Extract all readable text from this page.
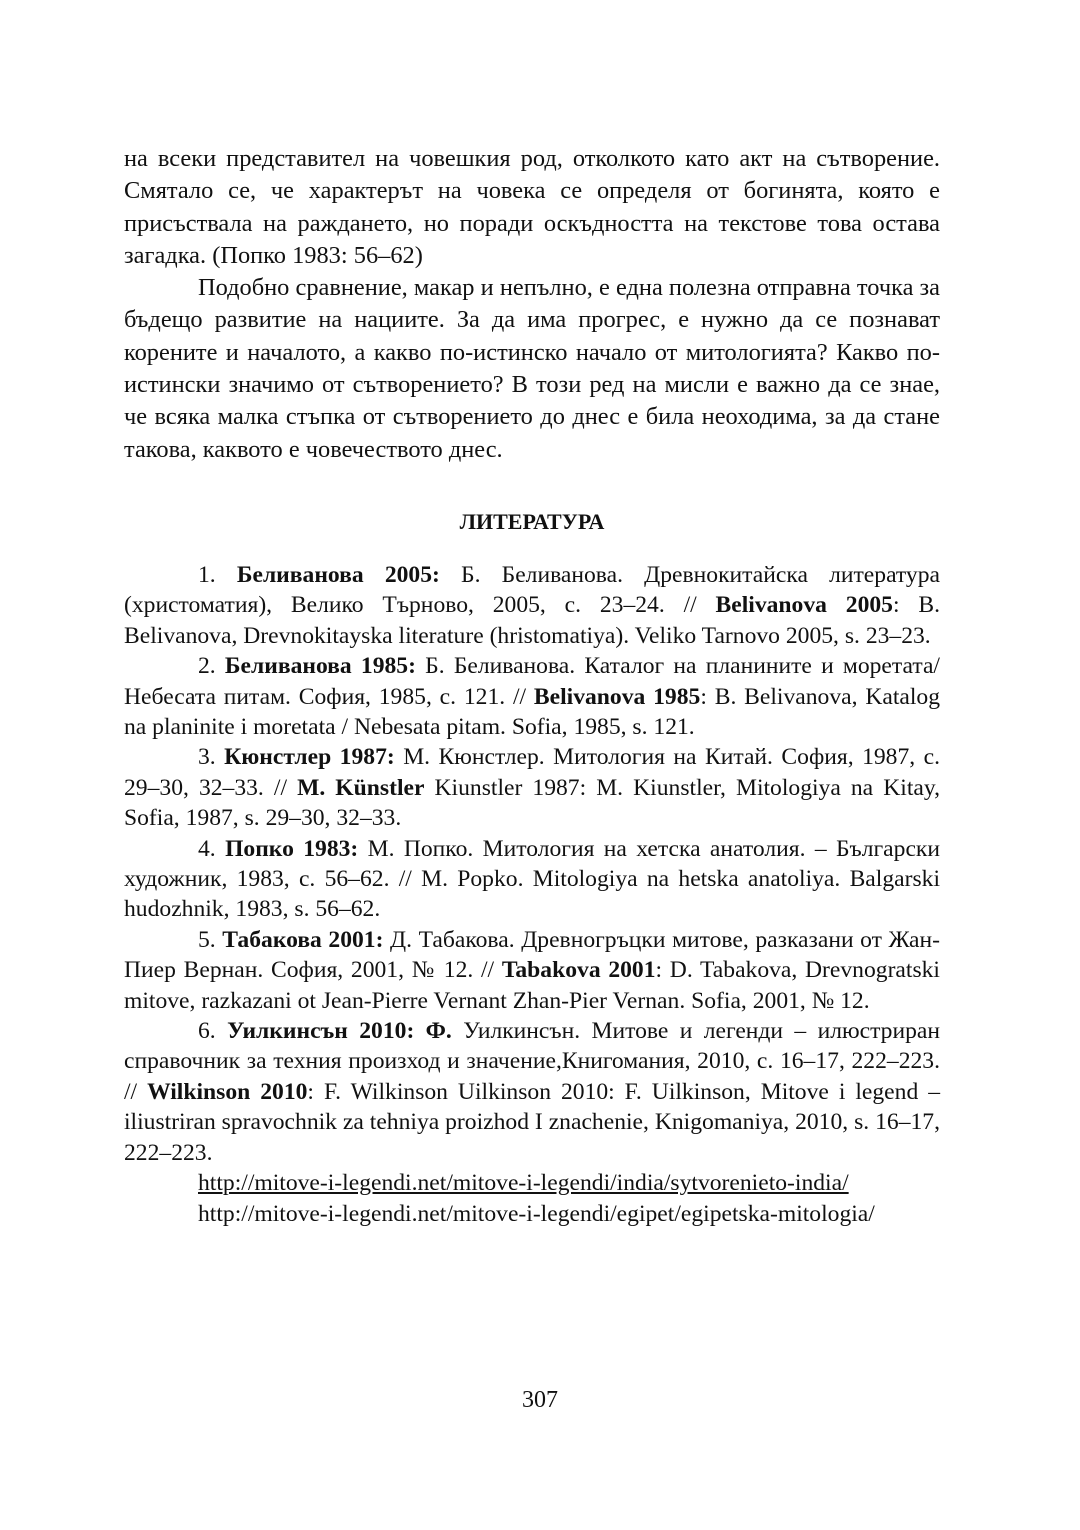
на всеки представител на човешкия род, отколкото като акт на сътворение. Смятало се, че характерът на човека се определя от богинята, която е присъствала на раждането, но поради оскъдността на текстове това остава загадка. (Попко 1983: 56–62)

Подобно сравнение, макар и непълно, е една полезна отправна точка за бъдещо развитие на нациите. За да има прогрес, е нужно да се познават корените и началото, а какво по-истинско начало от митологията? Какво по-истински значимо от сътворението? В този ред на мисли е важно да се знае, че всяка малка стъпка от сътворението до днес е била неоходима, за да стане такова, каквото е човечеството днес.

ЛИТЕРАТУРА

1. Беливанова 2005: Б. Беливанова. Древнокитайска литература (христоматия), Велико Търново, 2005, с. 23–24. // Belivanova 2005: B. Belivanova, Drevnokitayska literature (hristomatiya). Veliko Tarnovo 2005, s. 23–23.

2. Беливанова 1985: Б. Беливанова. Каталог на планините и моретата/ Небесата питам. София, 1985, с. 121. // Belivanova 1985: B. Belivanova, Katalog na planinite i moretata / Nebesata pitam. Sofia, 1985, s. 121.

3. Кюнстлер 1987: М. Кюнстлер. Митология на Китай. София, 1987, с. 29–30, 32–33. // M. Künstler Kiunstler 1987: M. Kiunstler, Mitologiya na Kitay, Sofia, 1987, s. 29–30, 32–33.

4. Попко 1983: М. Попко. Митология на хетска анатолия. – Български художник, 1983, с. 56–62. // M. Popko. Mitologiya na hetska anatoliya. Balgarski hudozhnik, 1983, s. 56–62.

5. Табакова 2001: Д. Табакова. Древногръцки митове, разказани от Жан-Пиер Вернан. София, 2001, № 12. // Tabakova 2001: D. Tabakova, Drevnogratski mitove, razkazani ot Jean-Pierre Vernant Zhan-Pier Vernan. Sofia, 2001, № 12.

6. Уилкинсън 2010: Ф. Уилкинсън. Митове и легенди – илюстриран справочник за техния произход и значение,Книгомания, 2010, с. 16–17, 222–223. // Wilkinson 2010: F. Wilkinson Uilkinson 2010: F. Uilkinson, Mitove i legend – iliustriran spravochnik za tehniya proizhod I znachenie, Knigomaniya, 2010, s. 16–17, 222–223.

http://mitove-i-legendi.net/mitove-i-legendi/india/sytvorenieto-india/

http://mitove-i-legendi.net/mitove-i-legendi/egipet/egipetska-mitologia/

307
